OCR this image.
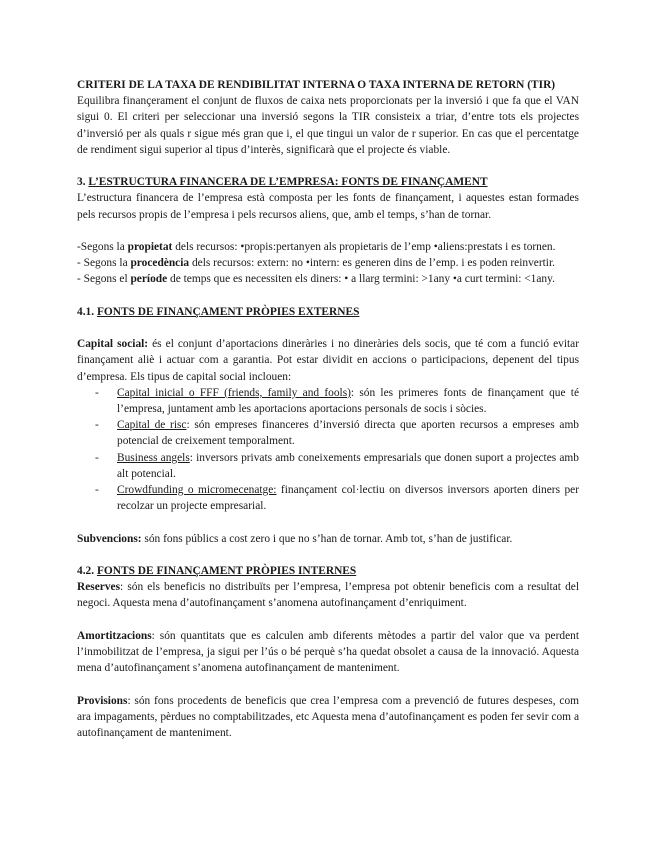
CRITERI DE LA TAXA DE RENDIBILITAT INTERNA O TAXA INTERNA DE RETORN (TIR)

Equilibra finançerament el conjunt de fluxos de caixa nets proporcionats per la inversió i que fa que el VAN sigui 0. El criteri per seleccionar una inversió segons la TIR consisteix a triar, d’entre tots els projectes d’inversió per als quals r sigue més gran que i, el que tingui un valor de r superior. En cas que el percentatge de rendiment sigui superior al tipus d’interès, significarà que el projecte és viable.

3. L’ESTRUCTURA FINANCERA DE L’EMPRESA: FONTS DE FINANÇAMENT

L’estructura financera de l’empresa està composta per les fonts de finançament, i aquestes estan formades pels recursos propis de l’empresa i pels recursos aliens, que, amb el temps, s’han de tornar.

-Segons la propietat dels recursos: •propis:pertanyen als propietaris de l’emp •aliens:prestats i es tornen.

- Segons la procedència dels recursos: extern: no •intern: es generen dins de l’emp. i es poden reinvertir.

- Segons el període de temps que es necessiten els diners: • a llarg termini: >1any •a curt termini: <1any.

4.1. FONTS DE FINANÇAMENT PRÒPIES EXTERNES

Capital social: és el conjunt d’aportacions dineràries i no dineràries dels socis, que té com a funció evitar finançament aliè i actuar com a garantia. Pot estar dividit en accions o participacions, depenent del tipus d’empresa. Els tipus de capital social inclouen:

- Capital inicial o FFF (friends, family and fools): són les primeres fonts de finançament que té l’empresa, juntament amb les aportacions aportacions personals de socis i sòcies.
- Capital de risc: són empreses financeres d’inversió directa que aporten recursos a empreses amb potencial de creixement temporalment.
- Business angels: inversors privats amb coneixements empresarials que donen suport a projectes amb alt potencial.
- Crowdfunding o micromecenatge: finançament col·lectiu on diversos inversors aporten diners per recolzar un projecte empresarial.

Subvencions: són fons públics a cost zero i que no s’han de tornar. Amb tot, s’han de justificar.

4.2. FONTS DE FINANÇAMENT PRÒPIES INTERNES

Reserves: són els beneficis no distribuïts per l’empresa, l’empresa pot obtenir beneficis com a resultat del negoci. Aquesta mena d’autofinançament s’anomena autofinançament d’enriquiment.

Amortitzacions: són quantitats que es calculen amb diferents mètodes a partir del valor que va perdent l’inmobilitzat de l’empresa, ja sigui per l’ús o bé perquè s’ha quedat obsolet a causa de la innovació. Aquesta mena d’autofinançament s’anomena autofinançament de manteniment.

Provisions: són fons procedents de beneficis que crea l’empresa com a prevenció de futures despeses, com ara impagaments, pèrdues no comptabilitzades, etc Aquesta mena d’autofinançament es poden fer sevir com a autofinançament de manteniment.
